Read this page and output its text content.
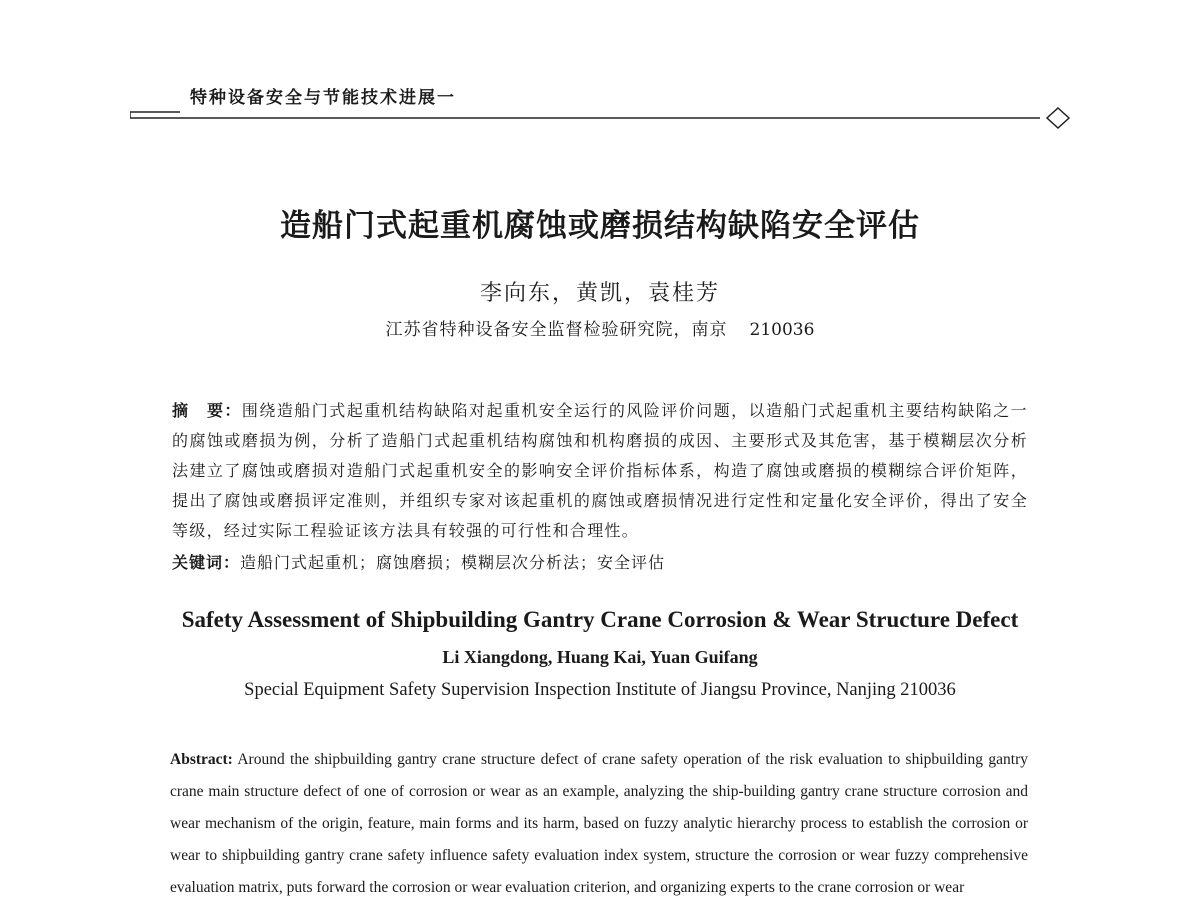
特种设备安全与节能技术进展一
造船门式起重机腐蚀或磨损结构缺陷安全评估
李向东，黄凯，袁桂芳
江苏省特种设备安全监督检验研究院，南京 210036

摘　要：围绕造船门式起重机结构缺陷对起重机安全运行的风险评价问题，以造船门式起重机主要结构缺陷之一的腐蚀或磨损为例，分析了造船门式起重机结构腐蚀和机构磨损的成因、主要形式及其危害，基于模糊层次分析法建立了腐蚀或磨损对造船门式起重机安全的影响安全评价指标体系，构造了腐蚀或磨损的模糊综合评价矩阵，提出了腐蚀或磨损评定准则，并组织专家对该起重机的腐蚀或磨损情况进行定性和定量化安全评价，得出了安全等级，经过实际工程验证该方法具有较强的可行性和合理性。

关键词：造船门式起重机；腐蚀磨损；模糊层次分析法；安全评估

Safety Assessment of Shipbuilding Gantry Crane Corrosion & Wear Structure Defect
Li Xiangdong, Huang Kai, Yuan Guifang
Special Equipment Safety Supervision Inspection Institute of Jiangsu Province, Nanjing 210036

Abstract: Around the shipbuilding gantry crane structure defect of crane safety operation of the risk evaluation to shipbuilding gantry crane main structure defect of one of corrosion or wear as an example, analyzing the ship-building gantry crane structure corrosion and wear mechanism of the origin, feature, main forms and its harm, based on fuzzy analytic hierarchy process to establish the corrosion or wear to shipbuilding gantry crane safety influence safety evaluation index system, structure the corrosion or wear fuzzy comprehensive evaluation matrix, puts forward the corrosion or wear evaluation criterion, and organizing experts to the crane corrosion or wear
